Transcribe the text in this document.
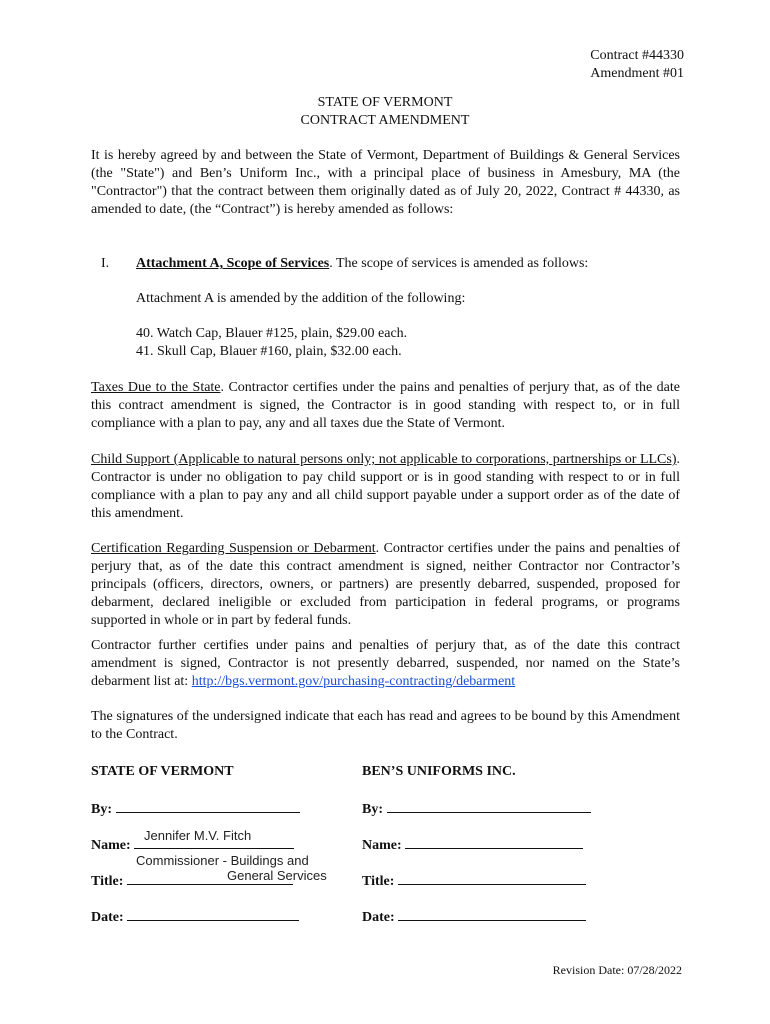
Contract #44330
Amendment #01
STATE OF VERMONT
CONTRACT AMENDMENT
It is hereby agreed by and between the State of Vermont, Department of Buildings & General Services (the "State") and Ben’s Uniform Inc., with a principal place of business in Amesbury, MA (the "Contractor") that the contract between them originally dated as of July 20, 2022, Contract # 44330, as amended to date, (the “Contract”) is hereby amended as follows:
I. Attachment A, Scope of Services. The scope of services is amended as follows:
Attachment A is amended by the addition of the following:
40. Watch Cap, Blauer #125, plain, $29.00 each.
41. Skull Cap, Blauer #160, plain, $32.00 each.
Taxes Due to the State. Contractor certifies under the pains and penalties of perjury that, as of the date this contract amendment is signed, the Contractor is in good standing with respect to, or in full compliance with a plan to pay, any and all taxes due the State of Vermont.
Child Support (Applicable to natural persons only; not applicable to corporations, partnerships or LLCs). Contractor is under no obligation to pay child support or is in good standing with respect to or in full compliance with a plan to pay any and all child support payable under a support order as of the date of this amendment.
Certification Regarding Suspension or Debarment. Contractor certifies under the pains and penalties of perjury that, as of the date this contract amendment is signed, neither Contractor nor Contractor’s principals (officers, directors, owners, or partners) are presently debarred, suspended, proposed for debarment, declared ineligible or excluded from participation in federal programs, or programs supported in whole or in part by federal funds.
Contractor further certifies under pains and penalties of perjury that, as of the date this contract amendment is signed, Contractor is not presently debarred, suspended, nor named on the State’s debarment list at: http://bgs.vermont.gov/purchasing-contracting/debarment
The signatures of the undersigned indicate that each has read and agrees to be bound by this Amendment to the Contract.
STATE OF VERMONT
By:
Name:
Jennifer M.V. Fitch
Commissioner - Buildings and
General Services
Title:
Date:
BEN’S UNIFORMS INC.
By:
Name:
Title:
Date:
Revision Date: 07/28/2022
